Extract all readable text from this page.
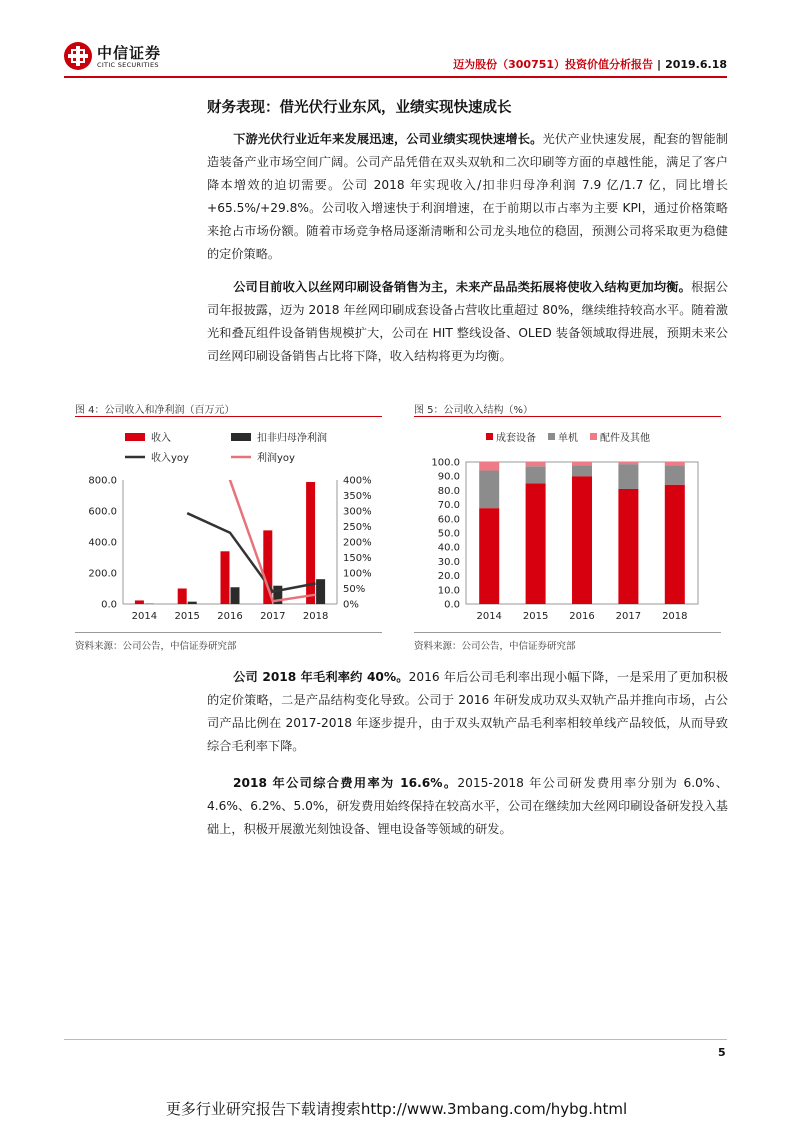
中信证券
CITIC SECURITIES	迈为股份（300751）投资价值分析报告 | 2019.6.18
财务表现：借光伏行业东风，业绩实现快速成长
下游光伏行业近年来发展迅速，公司业绩实现快速增长。光伏产业快速发展，配套的智能制造装备产业市场空间广阔。公司产品凭借在双头双轨和二次印刷等方面的卓越性能，满足了客户降本增效的迫切需要。公司 2018 年实现收入/扣非归母净利润 7.9 亿/1.7 亿，同比增长+65.5%/+29.8%。公司收入增速快于利润增速，在于前期以市占率为主要 KPI，通过价格策略来抢占市场份额。随着市场竞争格局逐渐清晰和公司龙头地位的稳固，预测公司将采取更为稳健的定价策略。
公司目前收入以丝网印刷设备销售为主，未来产品品类拓展将使收入结构更加均衡。根据公司年报披露，迈为 2018 年丝网印刷成套设备占营收比重超过 80%，继续维持较高水平。随着激光和叠瓦组件设备销售规模扩大，公司在 HIT 整线设备、OLED 装备领域取得进展，预期未来公司丝网印刷设备销售占比将下降，收入结构将更为均衡。
图 4：公司收入和净利润（百万元）
收入	扣非归母净利润
收入yoy	利润yoy
0.0
200.0
400.0
600.0
800.0
0%
50%
100%
150%
200%
250%
300%
350%
400%
2014 2015 2016 2017 2018
资料来源：公司公告，中信证券研究部
图 5：公司收入结构（%）
成套设备 单机 配件及其他
0.0
10.0
20.0
30.0
40.0
50.0
60.0
70.0
80.0
90.0
100.0
2014 2015 2016 2017 2018
资料来源：公司公告，中信证券研究部
公司 2018 年毛利率约 40%。2016 年后公司毛利率出现小幅下降，一是采用了更加积极的定价策略，二是产品结构变化导致。公司于 2016 年研发成功双头双轨产品并推向市场，占公司产品比例在 2017-2018 年逐步提升，由于双头双轨产品毛利率相较单线产品较低，从而导致综合毛利率下降。
2018 年公司综合费用率为 16.6%。2015-2018 年公司研发费用率分别为 6.0%、4.6%、6.2%、5.0%，研发费用始终保持在较高水平，公司在继续加大丝网印刷设备研发投入基础上，积极开展激光刻蚀设备、锂电设备等领域的研发。
5
更多行业研究报告下载请搜索http://www.3mbang.com/hybg.html
